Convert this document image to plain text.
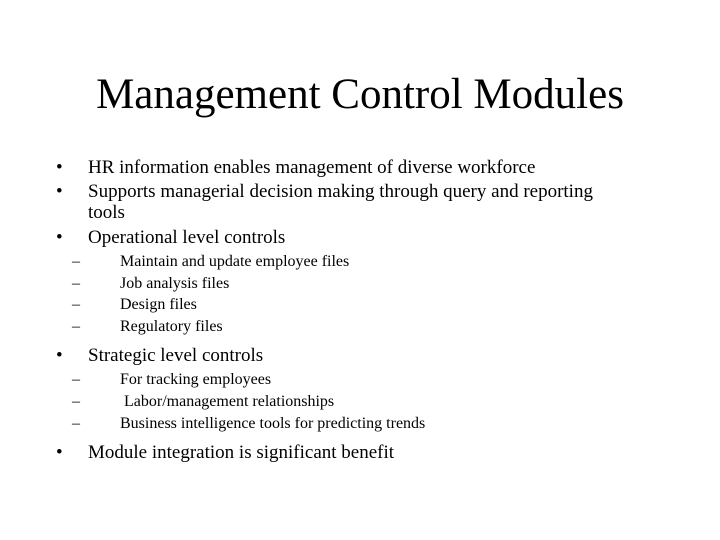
Management Control Modules
•	HR information enables management of diverse workforce
•	Supports managerial decision making through query and reporting tools
•	Operational level controls
–	Maintain and update employee files
–	Job analysis files
–	Design files
–	Regulatory files
•	Strategic level controls
–	For tracking employees
–	Labor/management relationships
–	Business intelligence tools for predicting trends
•	Module integration is significant benefit
